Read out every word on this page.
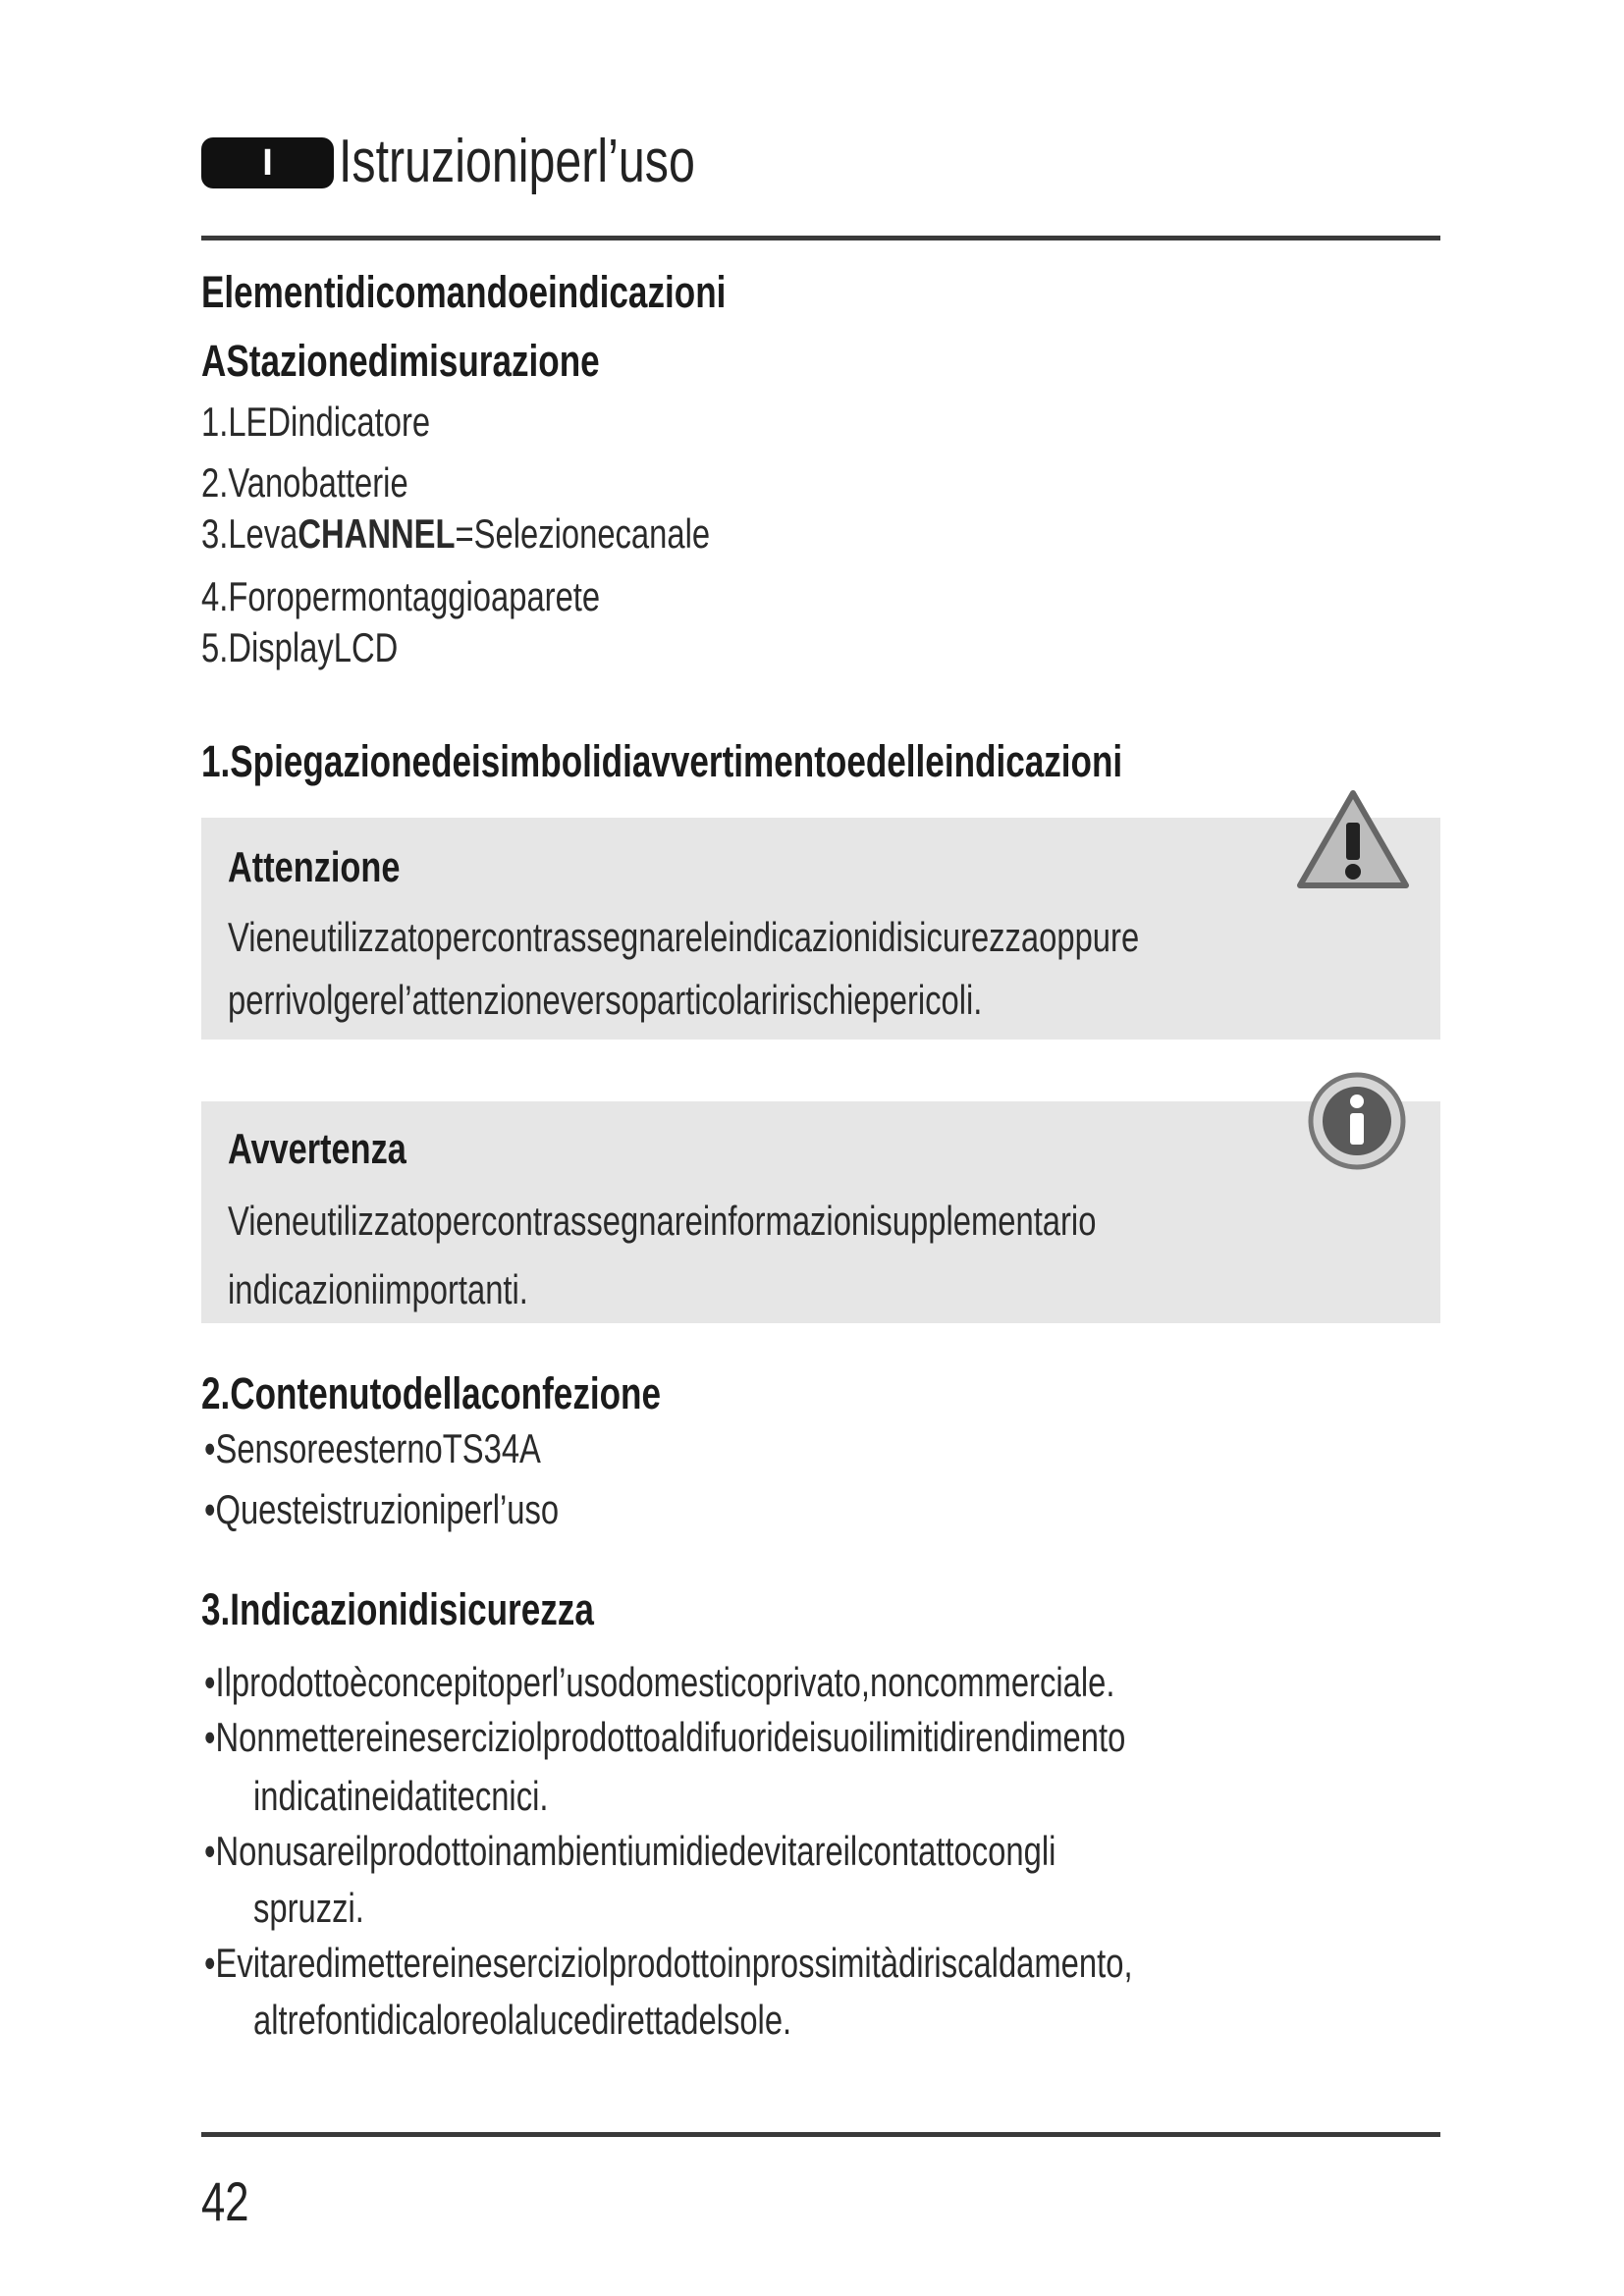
I	Istruzioniperl’uso
Elementidicomandoeindicazioni
AStazionedimisurazione
1.LEDindicatore
2.Vanobatterie
3.LevaCHANNEL=Selezionecanale
4.Foropermontaggioaparete
5.DisplayLCD
1.Spiegazionedeisimbolidiavvertimentoedelleindicazioni
Attenzione
Vieneutilizzatopercontrassegnareleindicazionidisicurezzaoppure
perrivolgerel’attenzioneversoparticolaririschiepericoli.
Avvertenza
Vieneutilizzatopercontrassegnareinformazionisupplementario
indicazioniimportanti.
2.Contenutodellaconfezione
•SensoreesternoTS34A
•Questeistruzioniperl’uso
3.Indicazionidisicurezza
•Ilprodottoèconcepitoperl’usodomesticoprivato,noncommerciale.
•Nonmettereineserciziolprodottoaldifuorideisuoilimitidirendimento
indicatineidatitecnici.
•Nonusareilprodottoinambientiumidiedevitareilcontattocongli
spruzzi.
•Evitaredimettereineserciziolprodottoinprossimitàdiriscaldamento,
altrefontidicaloreolalucedirettadelsole.
42
